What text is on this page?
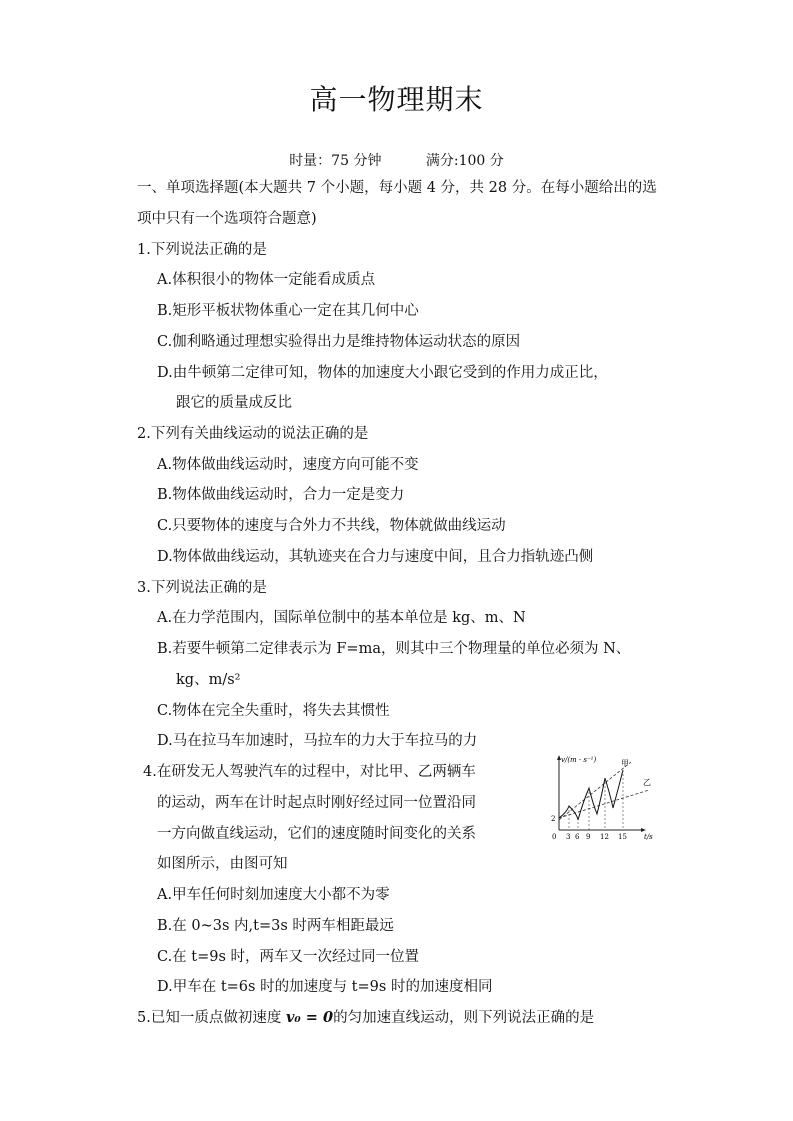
高一物理期末
时量：75 分钟	满分:100 分
一、单项选择题(本大题共 7 个小题，每小题 4 分，共 28 分。在每小题给出的选
项中只有一个选项符合题意)
1.下列说法正确的是
A.体积很小的物体一定能看成质点
B.矩形平板状物体重心一定在其几何中心
C.伽利略通过理想实验得出力是维持物体运动状态的原因
D.由牛顿第二定律可知，物体的加速度大小跟它受到的作用力成正比，
跟它的质量成反比
2.下列有关曲线运动的说法正确的是
A.物体做曲线运动时，速度方向可能不变
B.物体做曲线运动时，合力一定是变力
C.只要物体的速度与合外力不共线，物体就做曲线运动
D.物体做曲线运动，其轨迹夹在合力与速度中间，且合力指轨迹凸侧
3.下列说法正确的是
A.在力学范围内，国际单位制中的基本单位是 kg、m、N
B.若要牛顿第二定律表示为 F=ma，则其中三个物理量的单位必须为 N、
kg、m/s²
C.物体在完全失重时，将失去其惯性
D.马在拉马车加速时，马拉车的力大于车拉马的力
4.在研发无人驾驶汽车的过程中，对比甲、乙两辆车
的运动，两车在计时起点时刚好经过同一位置沿同
一方向做直线运动，它们的速度随时间变化的关系
如图所示，由图可知
A.甲车任何时刻加速度大小都不为零
B.在 0~3s 内,t=3s 时两车相距最远
C.在 t=9s 时，两车又一次经过同一位置
D.甲车在 t=6s 时的加速度与 t=9s 时的加速度相同
v/(m · s⁻¹)
t/s
2
0 3 6 9 12 15
甲
乙
5.已知一质点做初速度 v₀ = 0的匀加速直线运动，则下列说法正确的是
